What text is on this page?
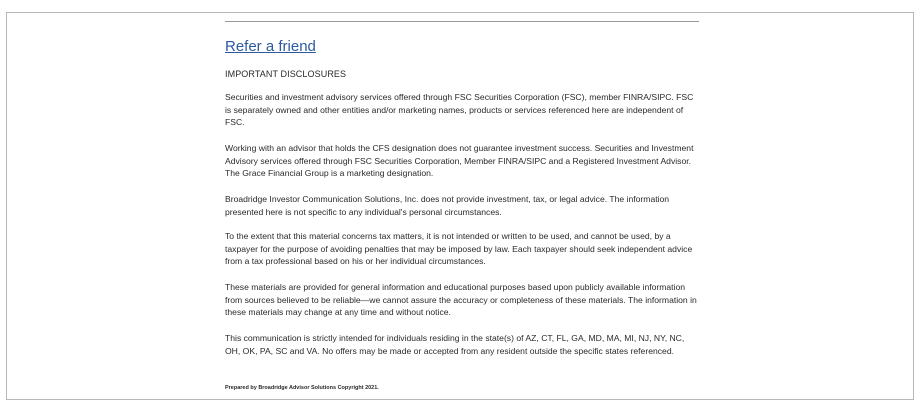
Refer a friend
IMPORTANT DISCLOSURES

Securities and investment advisory services offered through FSC Securities Corporation (FSC), member FINRA/SIPC. FSC is separately owned and other entities and/or marketing names, products or services referenced here are independent of FSC.

Working with an advisor that holds the CFS designation does not guarantee investment success. Securities and Investment Advisory services offered through FSC Securities Corporation, Member FINRA/SIPC and a Registered Investment Advisor. The Grace Financial Group is a marketing designation.

Broadridge Investor Communication Solutions, Inc. does not provide investment, tax, or legal advice. The information presented here is not specific to any individual's personal circumstances.

To the extent that this material concerns tax matters, it is not intended or written to be used, and cannot be used, by a taxpayer for the purpose of avoiding penalties that may be imposed by law. Each taxpayer should seek independent advice from a tax professional based on his or her individual circumstances.

These materials are provided for general information and educational purposes based upon publicly available information from sources believed to be reliable—we cannot assure the accuracy or completeness of these materials. The information in these materials may change at any time and without notice.

This communication is strictly intended for individuals residing in the state(s) of AZ, CT, FL, GA, MD, MA, MI, NJ, NY, NC, OH, OK, PA, SC and VA. No offers may be made or accepted from any resident outside the specific states referenced.

Prepared by Broadridge Advisor Solutions Copyright 2021.
